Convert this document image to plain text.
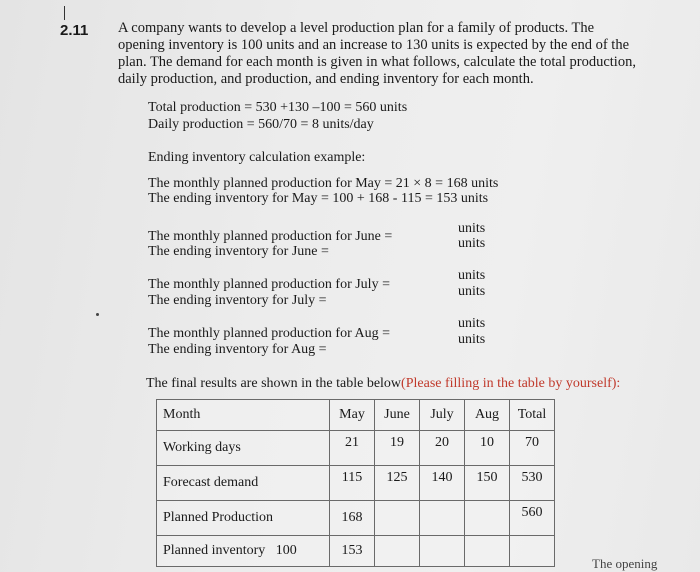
2.11 A company wants to develop a level production plan for a family of products. The
opening inventory is 100 units and an increase to 130 units is expected by the end of the
plan. The demand for each month is given in what follows, calculate the total production,
daily production, and production, and ending inventory for each month.
Total production = 530 +130 –100 = 560 units
Daily production = 560/70 = 8 units/day
Ending inventory calculation example:
The monthly planned production for May = 21 × 8 = 168 units
The ending inventory for May = 100 + 168 - 115 = 153 units
The monthly planned production for June =
The ending inventory for June =
units
units
The monthly planned production for July =
The ending inventory for July =
units
units
The monthly planned production for Aug =
The ending inventory for Aug =
units
units
The final results are shown in the table below(Please filling in the table by yourself):
Month	May	June	July	Aug	Total
Working days	21	19	20	10	70
Forecast demand	115	125	140	150	530
Planned Production	168				560
Planned inventory   100	153				
The opening
